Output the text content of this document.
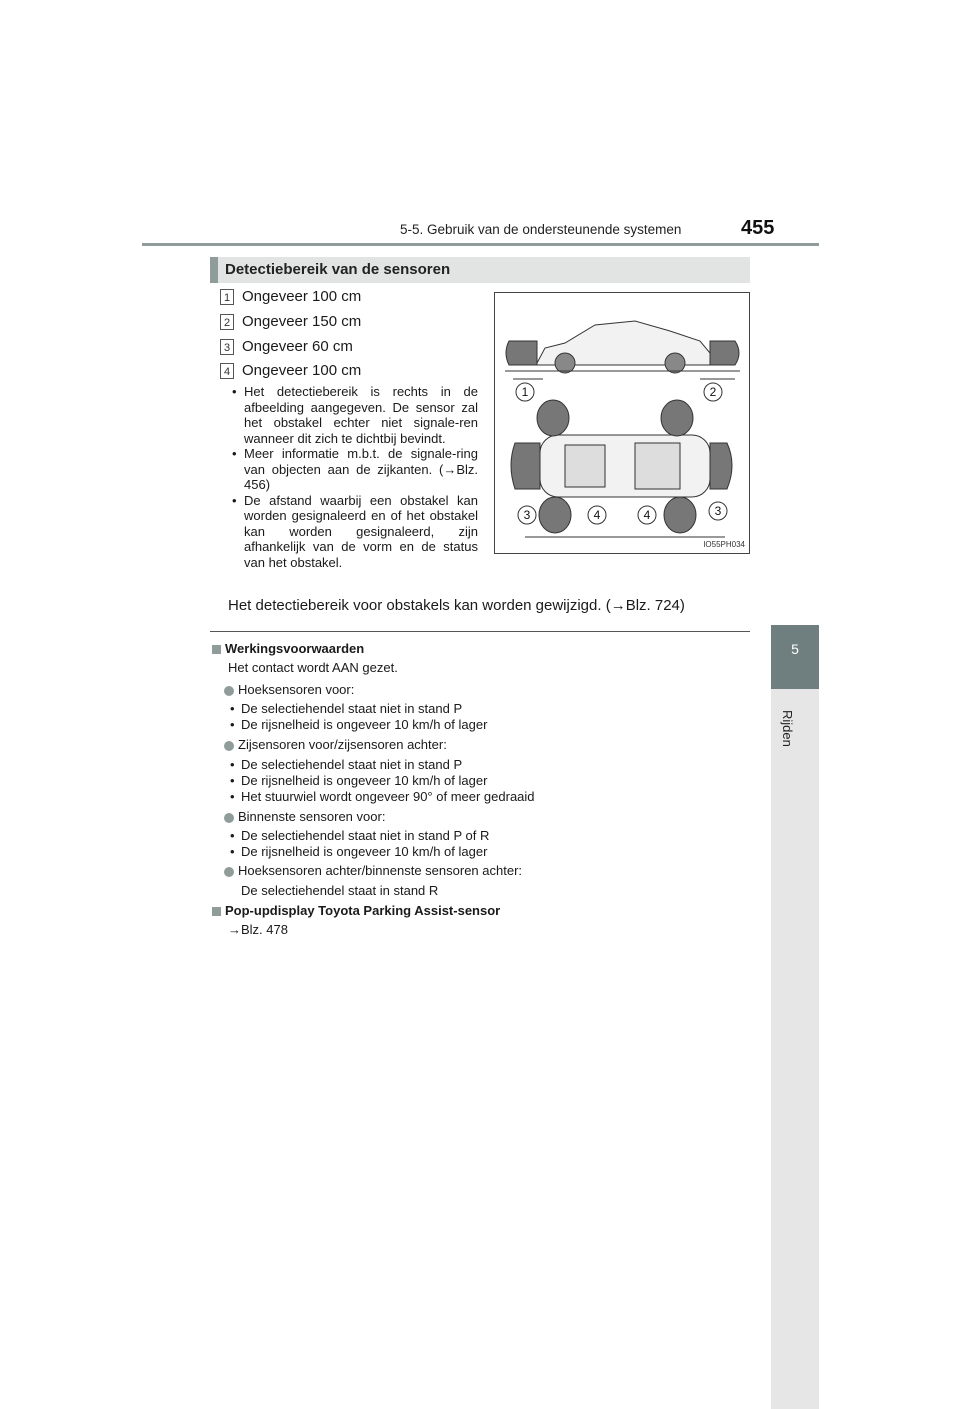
5-5. Gebruik van de ondersteunende systemen	455
5
Rijden
Detectiebereik van de sensoren
1 Ongeveer 100 cm
2 Ongeveer 150 cm
3 Ongeveer 60 cm
4 Ongeveer 100 cm
• Het detectiebereik is rechts in de afbeelding aangegeven. De sensor zal het obstakel echter niet signale-ren wanneer dit zich te dichtbij bevindt.
• Meer informatie m.b.t. de signale-ring van objecten aan de zijkanten. (→Blz. 456)
• De afstand waarbij een obstakel kan worden gesignaleerd en of het obstakel kan worden gesignaleerd, zijn afhankelijk van de vorm en de status van het obstakel.
1	2
3	4	4	3
IO55PH034
Het detectiebereik voor obstakels kan worden gewijzigd. (→Blz. 724)
Werkingsvoorwaarden
Het contact wordt AAN gezet.
Hoeksensoren voor:
• De selectiehendel staat niet in stand P
• De rijsnelheid is ongeveer 10 km/h of lager
Zijsensoren voor/zijsensoren achter:
• De selectiehendel staat niet in stand P
• De rijsnelheid is ongeveer 10 km/h of lager
• Het stuurwiel wordt ongeveer 90° of meer gedraaid
Binnenste sensoren voor:
• De selectiehendel staat niet in stand P of R
• De rijsnelheid is ongeveer 10 km/h of lager
Hoeksensoren achter/binnenste sensoren achter:
De selectiehendel staat in stand R
Pop-updisplay Toyota Parking Assist-sensor
→Blz. 478
